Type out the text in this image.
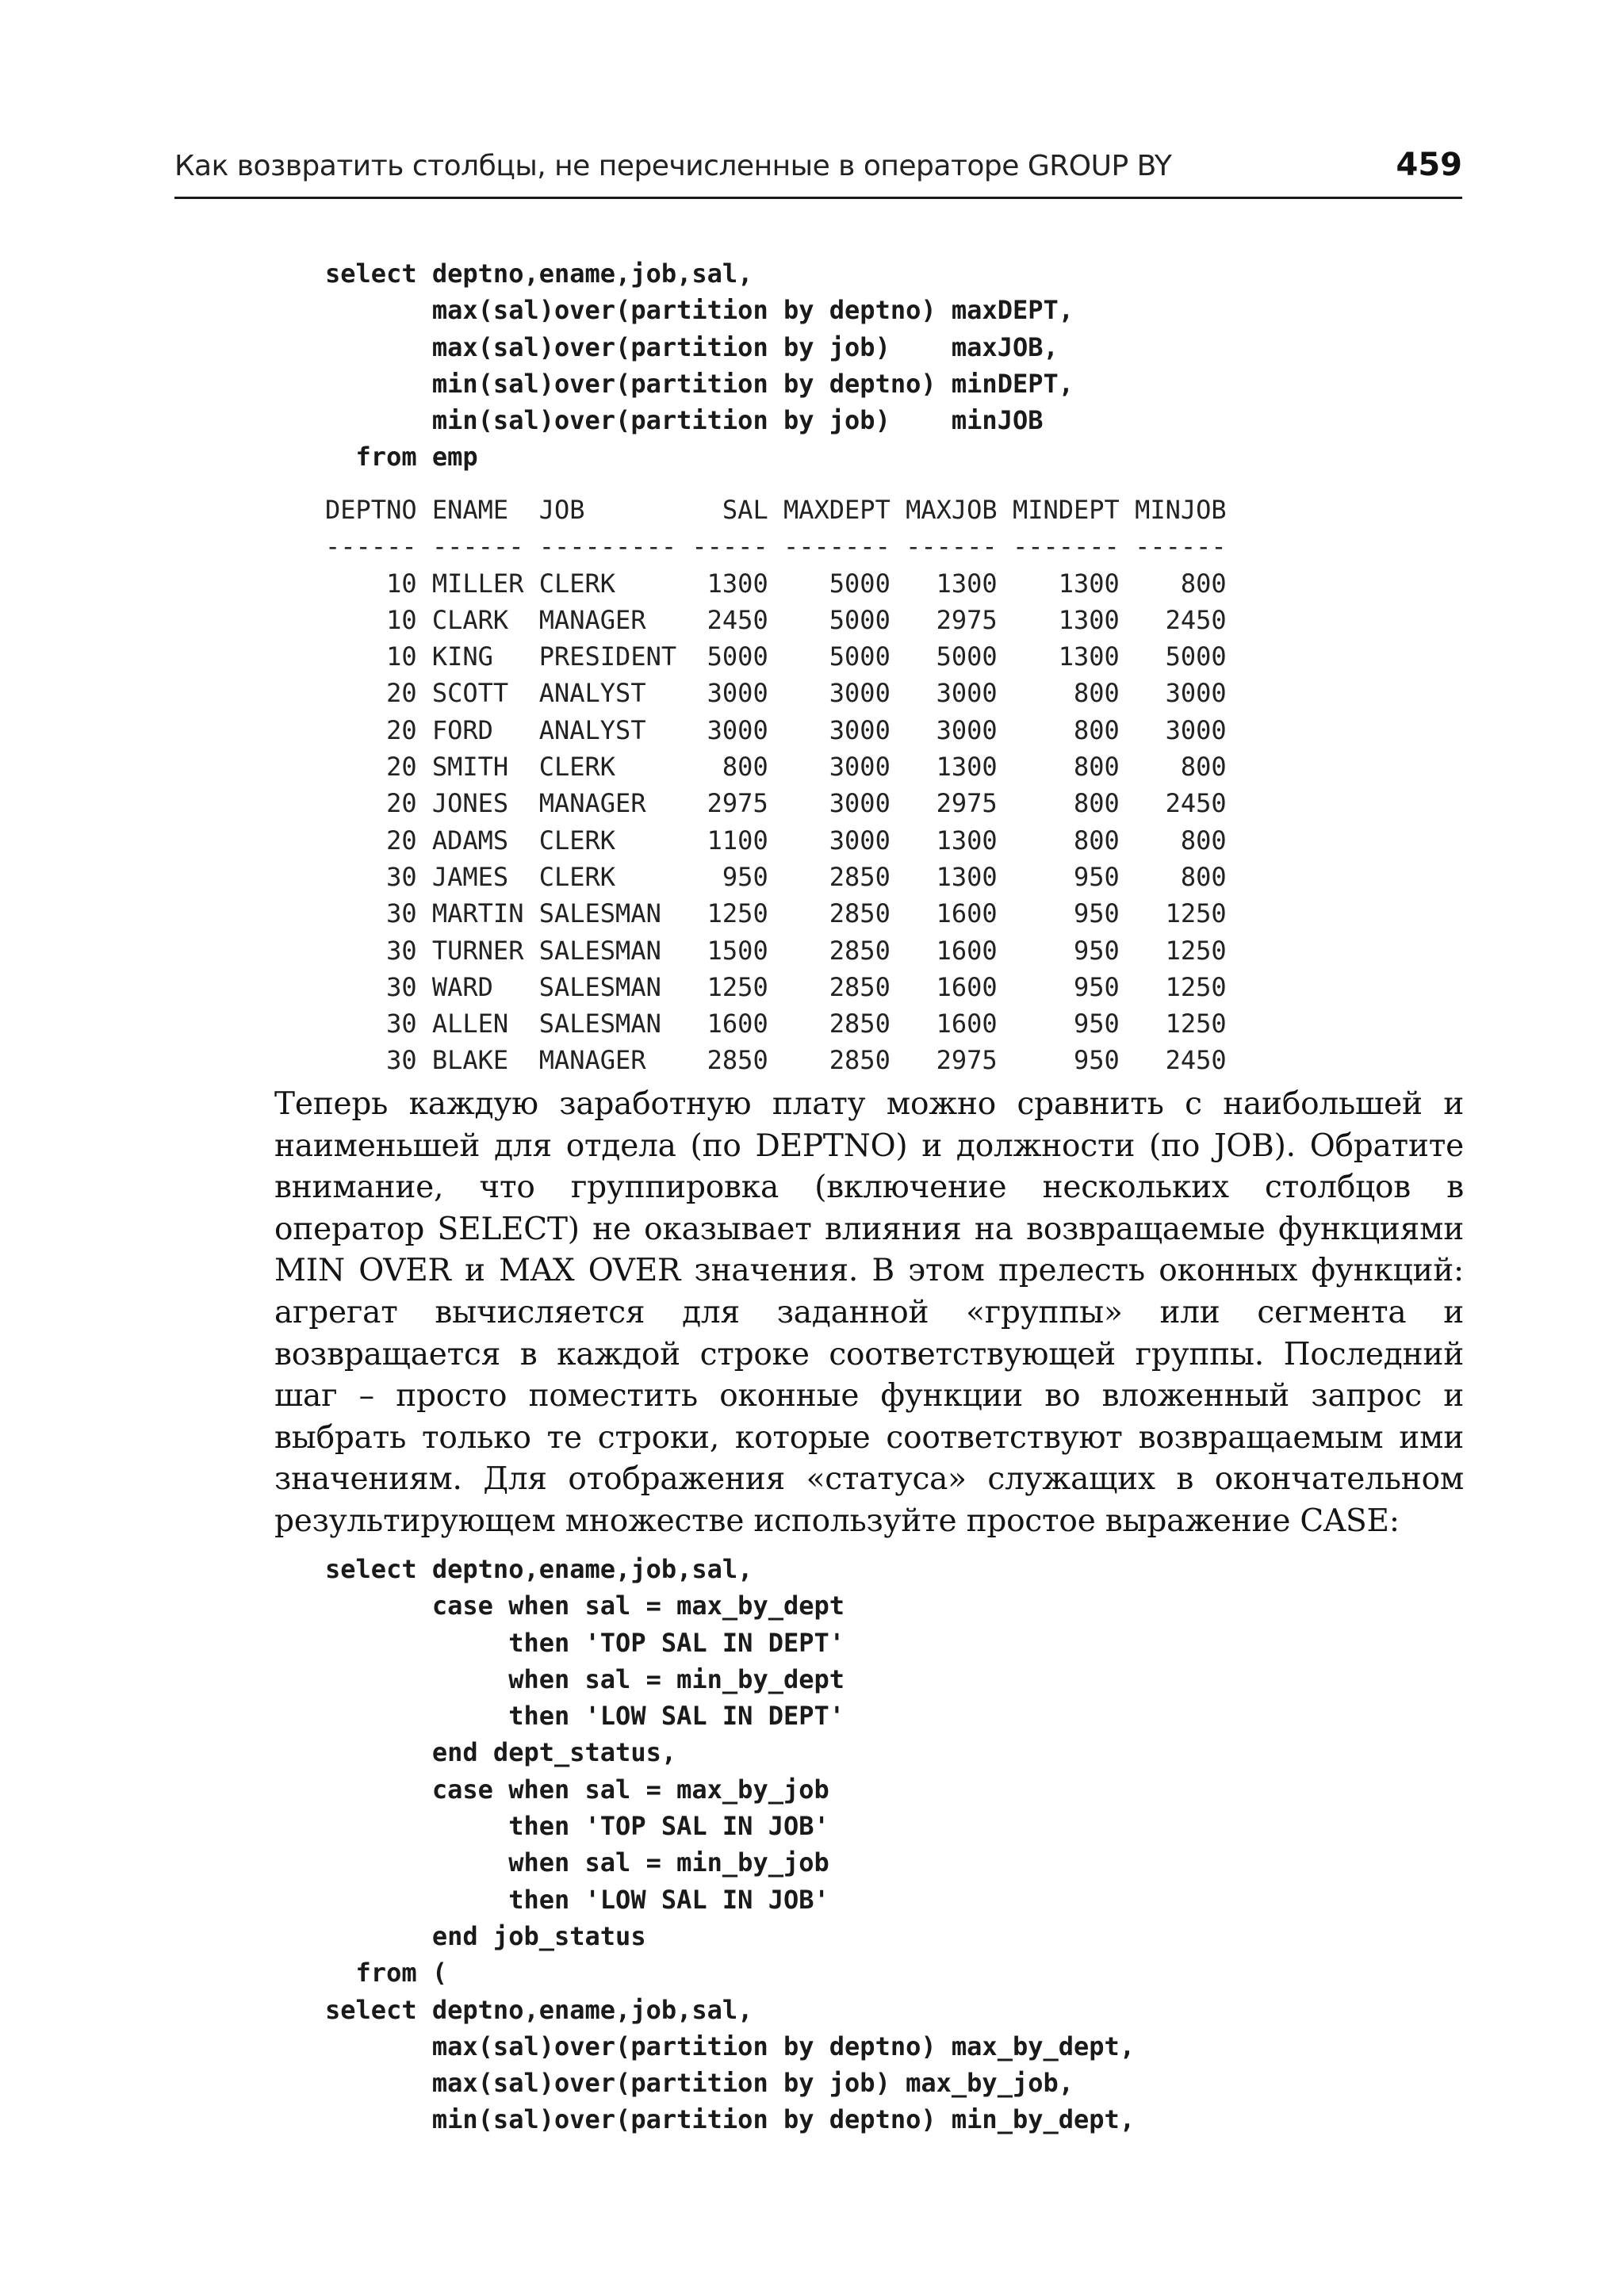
Как возвратить столбцы, не перечисленные в операторе GROUP BY	459
select deptno,ename,job,sal,
max(sal)over(partition by deptno) maxDEPT,
max(sal)over(partition by job)    maxJOB,
min(sal)over(partition by deptno) minDEPT,
min(sal)over(partition by job)    minJOB
from emp
DEPTNO ENAME  JOB         SAL MAXDEPT MAXJOB MINDEPT MINJOB
------ ------ --------- ----- ------- ------ ------- ------
10 MILLER CLERK      1300    5000   1300    1300    800
10 CLARK  MANAGER    2450    5000   2975    1300   2450
10 KING   PRESIDENT  5000    5000   5000    1300   5000
20 SCOTT  ANALYST    3000    3000   3000     800   3000
20 FORD   ANALYST    3000    3000   3000     800   3000
20 SMITH  CLERK       800    3000   1300     800    800
20 JONES  MANAGER    2975    3000   2975     800   2450
20 ADAMS  CLERK      1100    3000   1300     800    800
30 JAMES  CLERK       950    2850   1300     950    800
30 MARTIN SALESMAN   1250    2850   1600     950   1250
30 TURNER SALESMAN   1500    2850   1600     950   1250
30 WARD   SALESMAN   1250    2850   1600     950   1250
30 ALLEN  SALESMAN   1600    2850   1600     950   1250
30 BLAKE  MANAGER    2850    2850   2975     950   2450

Теперь каждую заработную плату можно сравнить с наибольшей и наименьшей для отдела (по DEPTNO) и должности (по JOB). Обратите внимание, что группировка (включение нескольких столбцов в оператор SELECT) не оказывает влияния на возвращаемые функциями MIN OVER и MAX OVER значения. В этом прелесть оконных функций: агрегат вычисляется для заданной «группы» или сегмента и возвращается в каждой строке соответствующей группы. Последний шаг – просто поместить оконные функции во вложенный запрос и выбрать только те строки, которые соответствуют возвращаемым ими значениям. Для отображения «статуса» служащих в окончательном результирующем множестве используйте простое выражение CASE:

select deptno,ename,job,sal,
case when sal = max_by_dept
then 'TOP SAL IN DEPT'
when sal = min_by_dept
then 'LOW SAL IN DEPT'
end dept_status,
case when sal = max_by_job
then 'TOP SAL IN JOB'
when sal = min_by_job
then 'LOW SAL IN JOB'
end job_status
from (
select deptno,ename,job,sal,
max(sal)over(partition by deptno) max_by_dept,
max(sal)over(partition by job) max_by_job,
min(sal)over(partition by deptno) min_by_dept,
